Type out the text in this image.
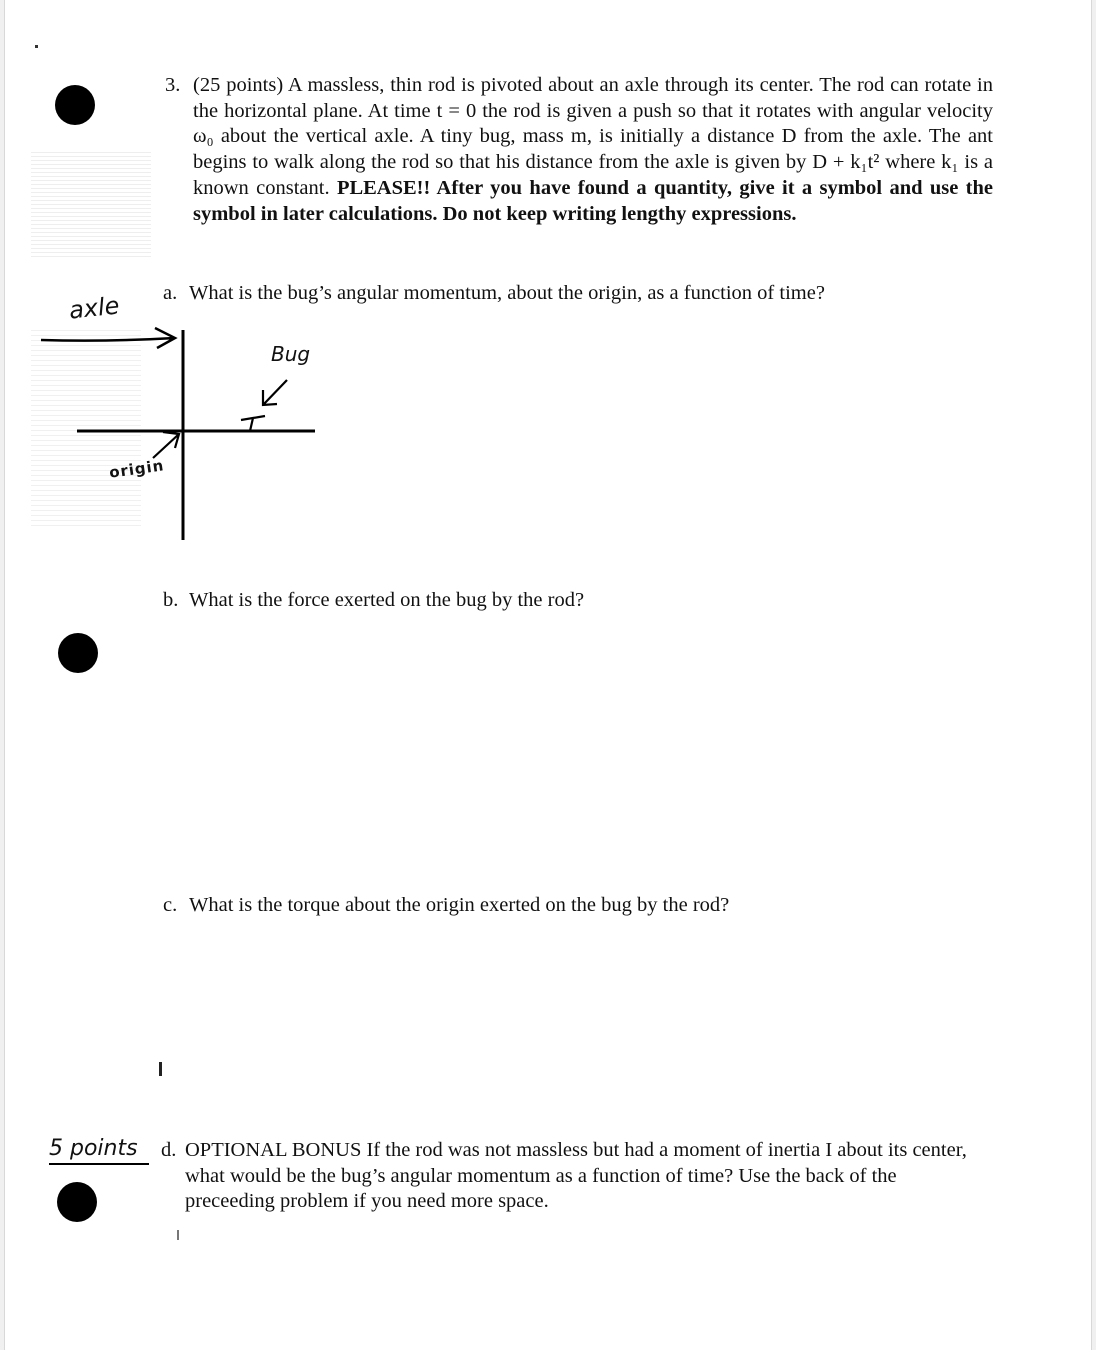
3. (25 points) A massless, thin rod is pivoted about an axle through its center. The rod can rotate in the horizontal plane. At time t = 0 the rod is given a push so that it rotates with angular velocity ω₀ about the vertical axle. A tiny bug, mass m, is initially a distance D from the axle. The ant begins to walk along the rod so that his distance from the axle is given by D + k₁t² where k₁ is a known constant. PLEASE!! After you have found a quantity, give it a symbol and use the symbol in later calculations. Do not keep writing lengthy expressions.
a. What is the bug’s angular momentum, about the origin, as a function of time?
axle
origin
Bug
b. What is the force exerted on the bug by the rod?
c. What is the torque about the origin exerted on the bug by the rod?
5 points	d. OPTIONAL BONUS If the rod was not massless but had a moment of inertia I about its center, what would be the bug’s angular momentum as a function of time? Use the back of the preceeding problem if you need more space.
